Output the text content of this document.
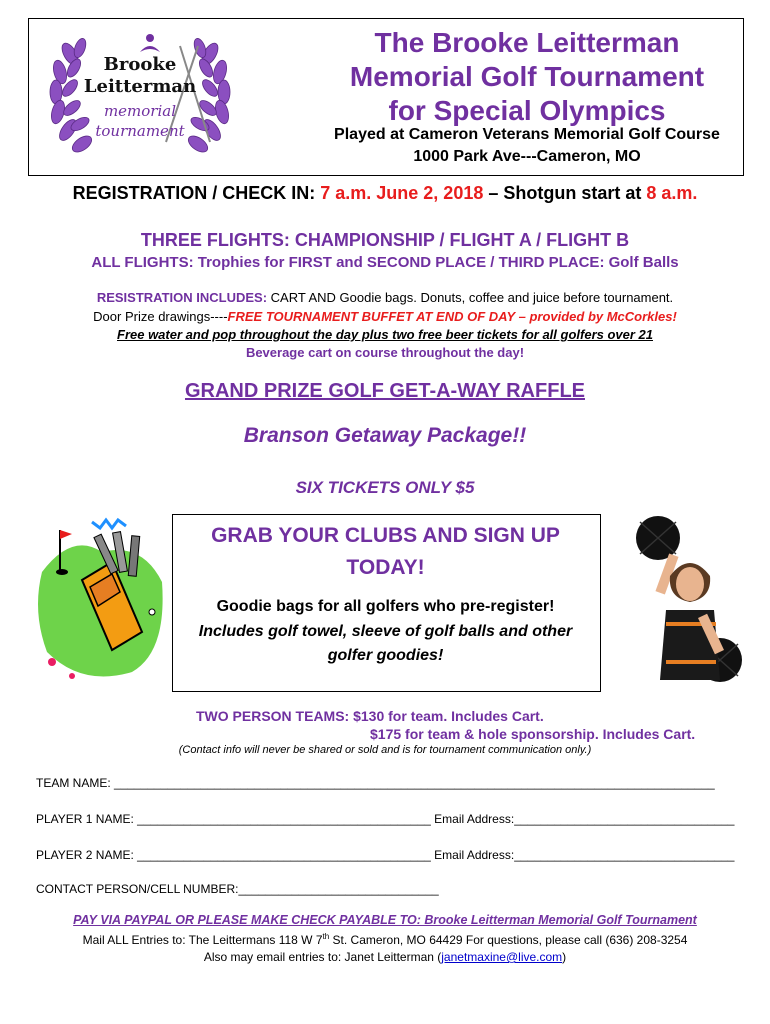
Brooke
Leitterman
memorial
tournament
The Brooke Leitterman
Memorial Golf Tournament
for Special Olympics
Played at Cameron Veterans Memorial Golf Course
1000 Park Ave---Cameron, MO
REGISTRATION / CHECK IN: 7 a.m. June 2, 2018 – Shotgun start at 8 a.m.
THREE FLIGHTS: CHAMPIONSHIP / FLIGHT A / FLIGHT B
ALL FLIGHTS: Trophies for FIRST and SECOND PLACE / THIRD PLACE: Golf Balls
RESISTRATION INCLUDES: CART AND Goodie bags. Donuts, coffee and juice before tournament.
Door Prize drawings----FREE TOURNAMENT BUFFET AT END OF DAY – provided by McCorkles!
Free water and pop throughout the day plus two free beer tickets for all golfers over 21
Beverage cart on course throughout the day!
GRAND PRIZE GOLF GET-A-WAY RAFFLE
Branson Getaway Package!!
SIX TICKETS ONLY $5
GRAB YOUR CLUBS AND SIGN UP
TODAY!
Goodie bags for all golfers who pre-register!
Includes golf towel, sleeve of golf balls and other
golfer goodies!
TWO PERSON TEAMS: $130 for team. Includes Cart.
$175 for team & hole sponsorship. Includes Cart.
(Contact info will never be shared or sold and is for tournament communication only.)
TEAM NAME: __________________________________________________________________________________________
PLAYER 1 NAME: ____________________________________________ Email Address:_________________________________
PLAYER 2 NAME: ____________________________________________ Email Address:_________________________________
CONTACT PERSON/CELL NUMBER:______________________________
PAY VIA PAYPAL OR PLEASE MAKE CHECK PAYABLE TO: Brooke Leitterman Memorial Golf Tournament
Mail ALL Entries to: The Leittermans 118 W 7th St. Cameron, MO 64429 For questions, please call (636) 208-3254
Also may email entries to: Janet Leitterman (janetmaxine@live.com)
